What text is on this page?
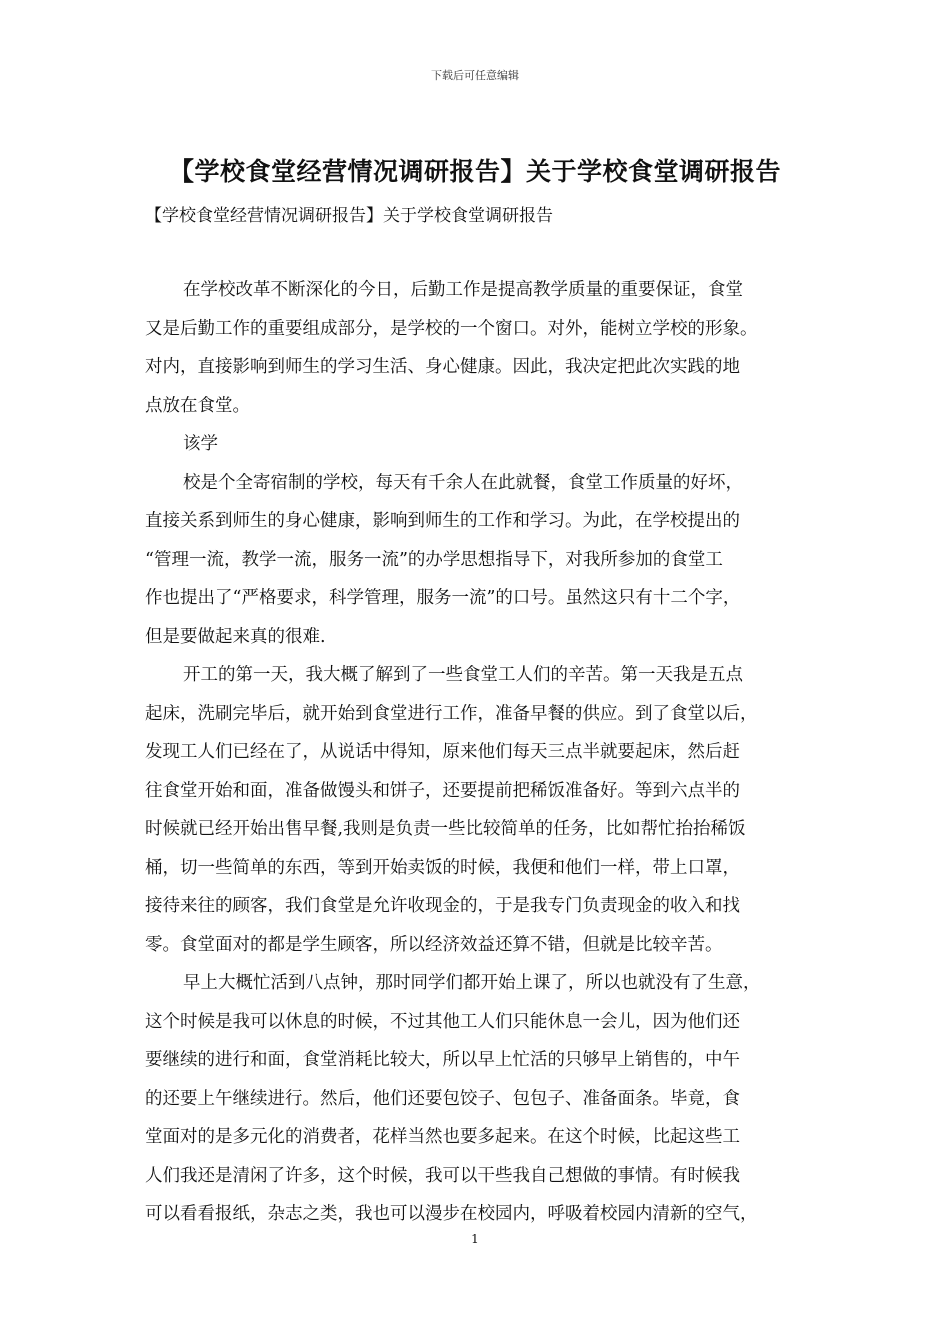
下载后可任意编辑
【学校食堂经营情况调研报告】关于学校食堂调研报告
【学校食堂经营情况调研报告】关于学校食堂调研报告
在学校改革不断深化的今日，后勤工作是提高教学质量的重要保证，食堂
又是后勤工作的重要组成部分，是学校的一个窗口。对外，能树立学校的形象。
对内，直接影响到师生的学习生活、身心健康。因此，我决定把此次实践的地
点放在食堂。
该学
校是个全寄宿制的学校，每天有千余人在此就餐，食堂工作质量的好坏，
直接关系到师生的身心健康，影响到师生的工作和学习。为此，在学校提出的
“管理一流，教学一流，服务一流”的办学思想指导下，对我所参加的食堂工
作也提出了“严格要求，科学管理，服务一流”的口号。虽然这只有十二个字，
但是要做起来真的很难.
开工的第一天，我大概了解到了一些食堂工人们的辛苦。第一天我是五点
起床，洗刷完毕后，就开始到食堂进行工作，准备早餐的供应。到了食堂以后，
发现工人们已经在了，从说话中得知，原来他们每天三点半就要起床，然后赶
往食堂开始和面，准备做馒头和饼子，还要提前把稀饭准备好。等到六点半的
时候就已经开始出售早餐,我则是负责一些比较简单的任务，比如帮忙抬抬稀饭
桶，切一些简单的东西，等到开始卖饭的时候，我便和他们一样，带上口罩，
接待来往的顾客，我们食堂是允许收现金的，于是我专门负责现金的收入和找
零。食堂面对的都是学生顾客，所以经济效益还算不错，但就是比较辛苦。
早上大概忙活到八点钟，那时同学们都开始上课了，所以也就没有了生意，
这个时候是我可以休息的时候，不过其他工人们只能休息一会儿，因为他们还
要继续的进行和面，食堂消耗比较大，所以早上忙活的只够早上销售的，中午
的还要上午继续进行。然后，他们还要包饺子、包包子、准备面条。毕竟，食
堂面对的是多元化的消费者，花样当然也要多起来。在这个时候，比起这些工
人们我还是清闲了许多，这个时候，我可以干些我自己想做的事情。有时候我
可以看看报纸，杂志之类，我也可以漫步在校园内，呼吸着校园内清新的空气，
1
